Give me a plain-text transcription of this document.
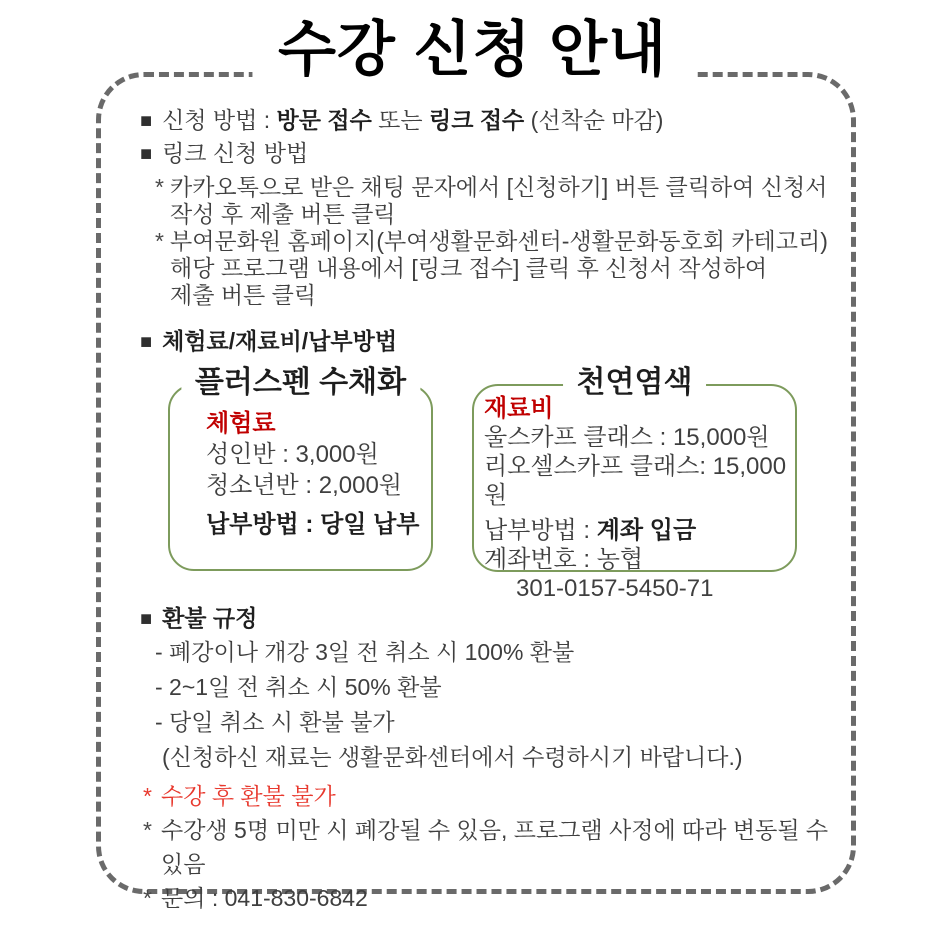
수강 신청 안내
■ 신청 방법 : 방문 접수 또는 링크 접수 (선착순 마감)
■ 링크 신청 방법
* 카카오톡으로 받은 채팅 문자에서 [신청하기] 버튼 클릭하여 신청서
작성 후 제출 버튼 클릭
* 부여문화원 홈페이지(부여생활문화센터-생활문화동호회 카테고리)
해당 프로그램 내용에서 [링크 접수] 클릭 후 신청서 작성하여
제출 버튼 클릭
■ 체험료/재료비/납부방법
플러스펜 수채화
체험료
성인반 : 3,000원
청소년반 : 2,000원
납부방법 : 당일 납부
천연염색
재료비
울스카프 클래스 : 15,000원
리오셀스카프 클래스: 15,000원
납부방법 : 계좌 입금
계좌번호 : 농협
301-0157-5450-71
■ 환불 규정
- 폐강이나 개강 3일 전 취소 시 100% 환불
- 2~1일 전 취소 시 50% 환불
- 당일 취소 시 환불 불가
(신청하신 재료는 생활문화센터에서 수령하시기 바랍니다.)
* 수강 후 환불 불가
* 수강생 5명 미만 시 폐강될 수 있음, 프로그램 사정에 따라 변동될 수 있음
* 문의 : 041-830-6842
